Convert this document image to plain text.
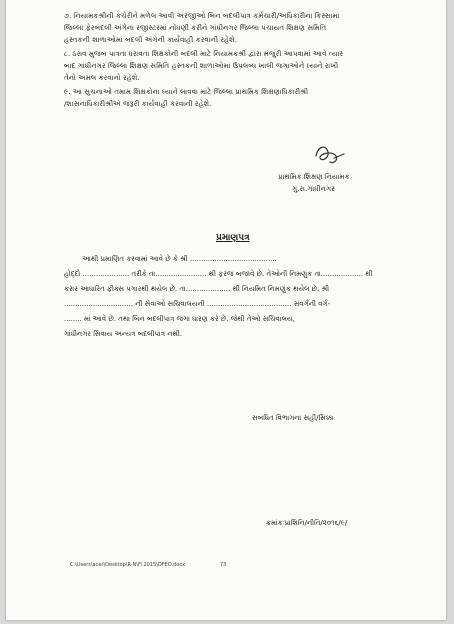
૭. નિયામકશ્રીની કચેરીને મળેલ આવી અરજીઓ બિન બદલીપાત્ર કર્મચારી/અધિકારીના કિસ્સામાં
જિલ્લા ફેરબદલી અંગેના રજીસ્ટરમાં નોંધણી કરીને ગાંધીનગર જિલ્લા પંચાયત શિક્ષણ સમિતિ
હસ્તકની શાળાઓમાં બદલી અંગેની કાર્યવાહી કરવાની રહેશે.
૮. ઠરાવ મુજબ પાત્રતા ધરાવતા શિક્ષકોની બદલી માટે નિયામકશ્રી દ્વારા મંજુરી આપવામાં આવે ત્યાર
બાદ ગાંધીનગર જિલ્લા શિક્ષણ સમિતિ હસ્તકની શાળાઓમાં ઉપલબ્ધ ખાલી જગાઓને ધ્યાને રાખી
તેનો અમલ કરવાનો રહેશે.
૯. આ સુચનાઓ તમામ શિક્ષકોના ધ્યાને લાવવા માટે જિલ્લા પ્રાથમિક શિક્ષણાધિકારીશ્રી
/શાસનાધિકારીશ્રીએ જરૂરી કાર્યવાહી કરવાની રહેશે.
પ્રાથમિક શિક્ષણ નિયામક
ગુ.રા.ગાંધીનગર
પ્રમાણપત્ર
આથી પ્રમાણિત કરવામાં આવે છે કે શ્રી .......................................
હોદ્દો ..................... તરીકે તા....................... થી ફરજ બજાવે છે. તેઓની નિમણુંક તા................... થી
કરાર આધારિત ફીક્સ પગારથી થયેલ છે. તા.................... થી નિયમિત નિમણુંક થયેલ છે. શ્રી
............................... ની સેવાઓ સચિવાલયની ...................................... સંવર્ગની વર્ગ-
........ માં આવે છે. તથા બિન બદલીપાત્ર જગા ધારણ કરે છે. જેથી તેઓ સચિવાલય,
ગાંધીનગર સિવાય અન્યત્ર બદલીપાત્ર નથી.
સબંધિત વિભાગના સહી/સિક્કા
ક્રમાંકઃપ્રાશિનિ/નીતિ/૨૦૧૬/૯/
C:\Users\acer\Desktop\R-N\Fi 2015\DFEO.docx	73
